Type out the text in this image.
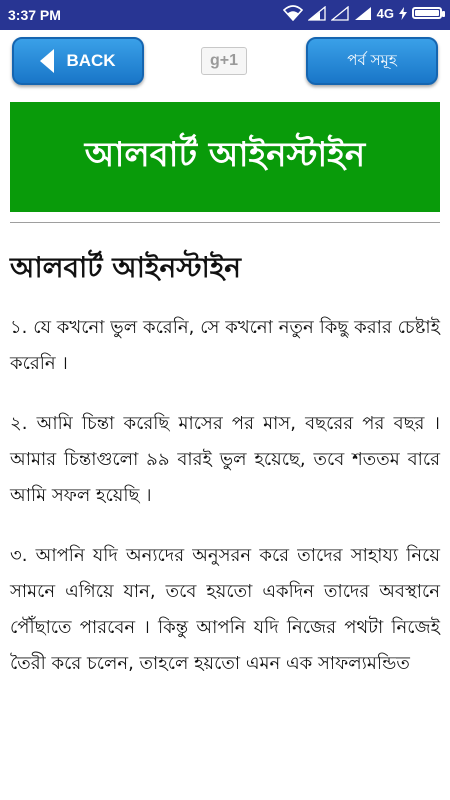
3:37 PM	4G
BACK	g+1	পর্ব সমূহ
আলবার্ট আইনস্টাইন
আলবার্ট আইনস্টাইন

১. যে কখনো ভুল করেনি, সে কখনো নতুন কিছু করার চেষ্টাই করেনি ।

২. আমি চিন্তা করেছি মাসের পর মাস, বছরের পর বছর । আমার চিন্তাগুলো ৯৯ বারই ভুল হয়েছে, তবে শততম বারে আমি সফল হয়েছি ।

৩. আপনি যদি অন্যদের অনুসরন করে তাদের সাহায্য নিয়ে সামনে এগিয়ে যান, তবে হয়তো একদিন তাদের অবস্থানে পৌঁছাতে পারবেন । কিন্তু আপনি যদি নিজের পথটা নিজেই তৈরী করে চলেন, তাহলে হয়তো এমন এক সাফল্যমন্ডিত
